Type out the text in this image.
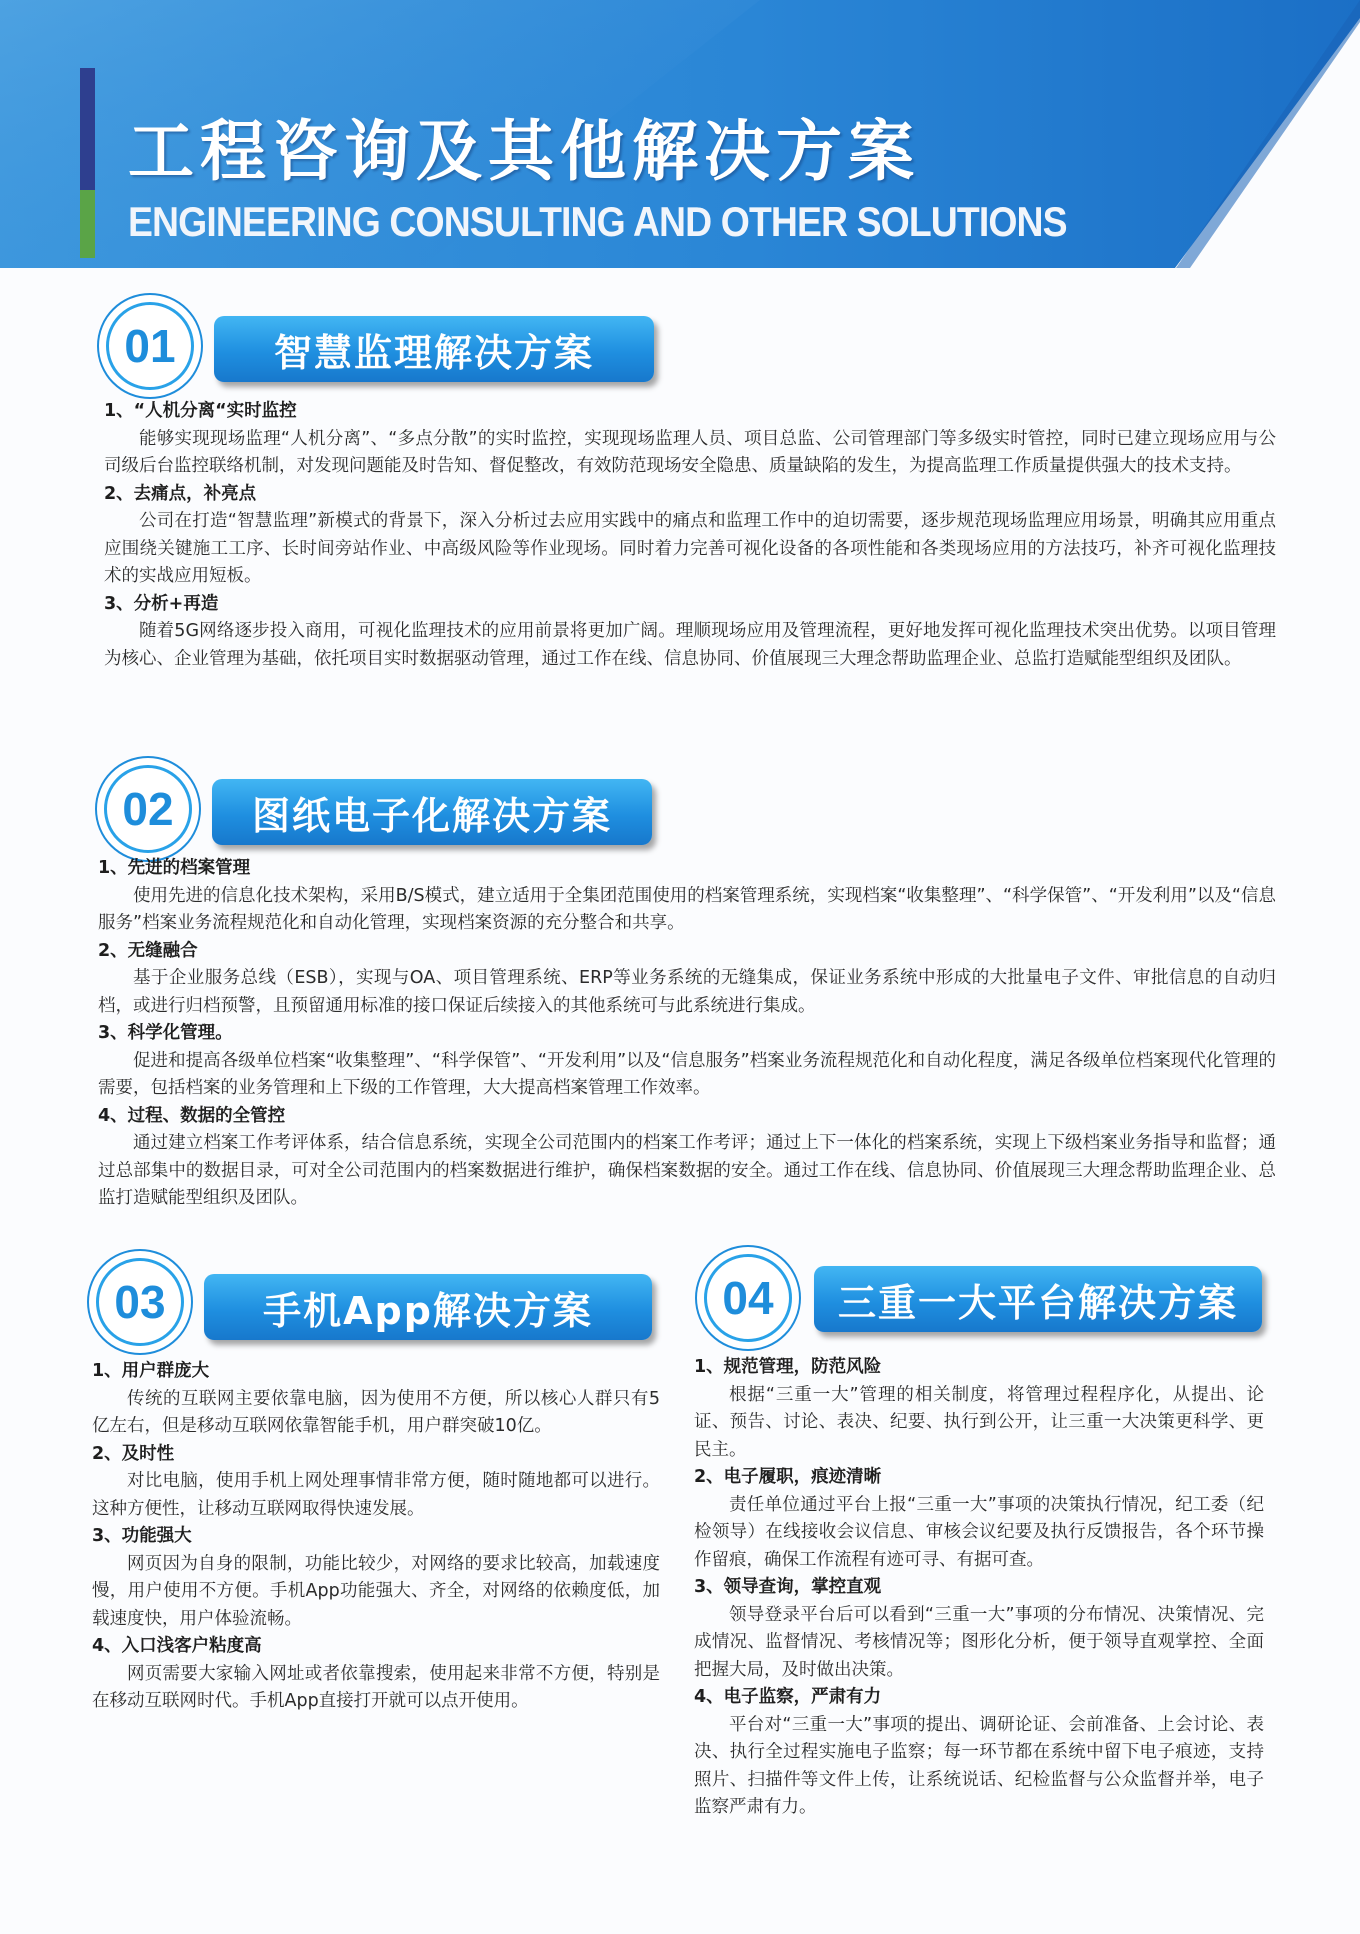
工程咨询及其他解决方案
ENGINEERING CONSULTING AND OTHER SOLUTIONS
01	智慧监理解决方案
1、“人机分离“实时监控

能够实现现场监理“人机分离”、“多点分散”的实时监控，实现现场监理人员、项目总监、公司管理部门等多级实时管控，同时已建立现场应用与公司级后台监控联络机制，对发现问题能及时告知、督促整改，有效防范现场安全隐患、质量缺陷的发生，为提高监理工作质量提供强大的技术支持。

2、去痛点，补亮点

公司在打造“智慧监理”新模式的背景下，深入分析过去应用实践中的痛点和监理工作中的迫切需要，逐步规范现场监理应用场景，明确其应用重点应围绕关键施工工序、长时间旁站作业、中高级风险等作业现场。同时着力完善可视化设备的各项性能和各类现场应用的方法技巧，补齐可视化监理技术的实战应用短板。

3、分析+再造

随着5G网络逐步投入商用，可视化监理技术的应用前景将更加广阔。理顺现场应用及管理流程，更好地发挥可视化监理技术突出优势。以项目管理为核心、企业管理为基础，依托项目实时数据驱动管理，通过工作在线、信息协同、价值展现三大理念帮助监理企业、总监打造赋能型组织及团队。

02	图纸电子化解决方案
1、先进的档案管理

使用先进的信息化技术架构，采用B/S模式，建立适用于全集团范围使用的档案管理系统，实现档案“收集整理”、“科学保管”、“开发利用”以及“信息服务”档案业务流程规范化和自动化管理，实现档案资源的充分整合和共享。

2、无缝融合

基于企业服务总线（ESB），实现与OA、项目管理系统、ERP等业务系统的无缝集成，保证业务系统中形成的大批量电子文件、审批信息的自动归档，或进行归档预警，且预留通用标准的接口保证后续接入的其他系统可与此系统进行集成。

3、科学化管理。

促进和提高各级单位档案“收集整理”、“科学保管”、“开发利用”以及“信息服务”档案业务流程规范化和自动化程度，满足各级单位档案现代化管理的需要，包括档案的业务管理和上下级的工作管理，大大提高档案管理工作效率。

4、过程、数据的全管控

通过建立档案工作考评体系，结合信息系统，实现全公司范围内的档案工作考评；通过上下一体化的档案系统，实现上下级档案业务指导和监督；通过总部集中的数据目录，可对全公司范围内的档案数据进行维护，确保档案数据的安全。通过工作在线、信息协同、价值展现三大理念帮助监理企业、总监打造赋能型组织及团队。

03	手机App解决方案
1、用户群庞大

传统的互联网主要依靠电脑，因为使用不方便，所以核心人群只有5亿左右，但是移动互联网依靠智能手机，用户群突破10亿。

2、及时性

对比电脑，使用手机上网处理事情非常方便，随时随地都可以进行。这种方便性，让移动互联网取得快速发展。

3、功能强大

网页因为自身的限制，功能比较少，对网络的要求比较高，加载速度慢，用户使用不方便。手机App功能强大、齐全，对网络的依赖度低，加载速度快，用户体验流畅。

4、入口浅客户粘度高

网页需要大家输入网址或者依靠搜索，使用起来非常不方便，特别是在移动互联网时代。手机App直接打开就可以点开使用。

04	三重一大平台解决方案
1、规范管理，防范风险

根据“三重一大”管理的相关制度，将管理过程程序化，从提出、论证、预告、讨论、表决、纪要、执行到公开，让三重一大决策更科学、更民主。

2、电子履职，痕迹清晰

责任单位通过平台上报“三重一大”事项的决策执行情况，纪工委（纪检领导）在线接收会议信息、审核会议纪要及执行反馈报告，各个环节操作留痕，确保工作流程有迹可寻、有据可查。

3、领导查询，掌控直观

领导登录平台后可以看到“三重一大”事项的分布情况、决策情况、完成情况、监督情况、考核情况等；图形化分析，便于领导直观掌控、全面把握大局，及时做出决策。

4、电子监察，严肃有力

平台对“三重一大”事项的提出、调研论证、会前准备、上会讨论、表决、执行全过程实施电子监察；每一环节都在系统中留下电子痕迹，支持照片、扫描件等文件上传，让系统说话、纪检监督与公众监督并举，电子监察严肃有力。
